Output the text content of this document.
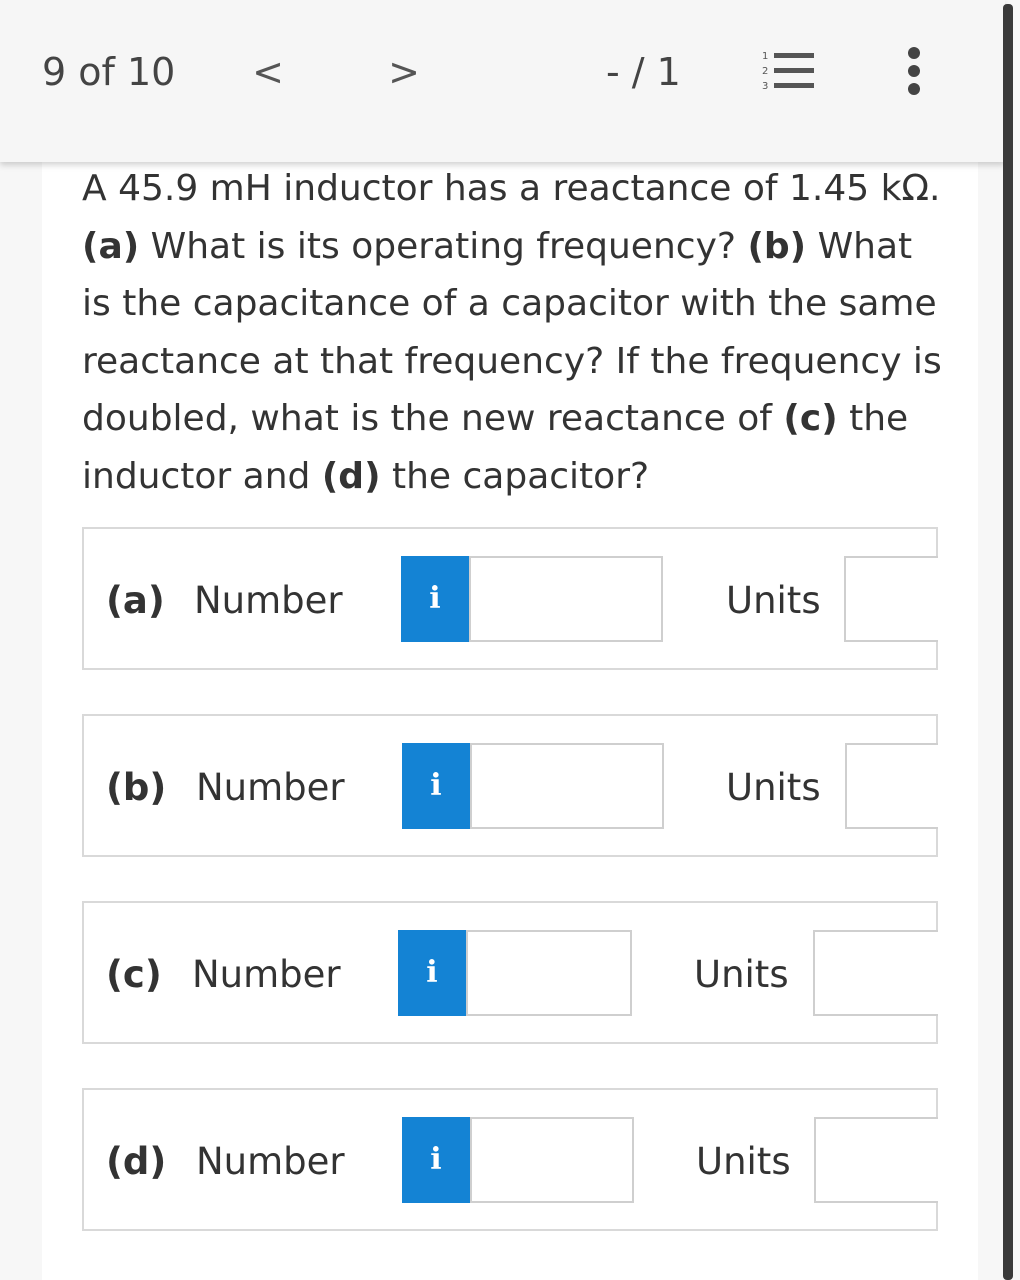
9 of 10 <	>	- / 1	1
2
3

A 45.9 mH inductor has a reactance of 1.45 kΩ. (a) What is its operating frequency? (b) What is the capacitance of a capacitor with the same reactance at that frequency? If the frequency is doubled, what is the new reactance of (c) the inductor and (d) the capacitor?

(a) Number	i	Units
(b) Number	i	Units
(c) Number	i	Units
(d) Number	i	Units
